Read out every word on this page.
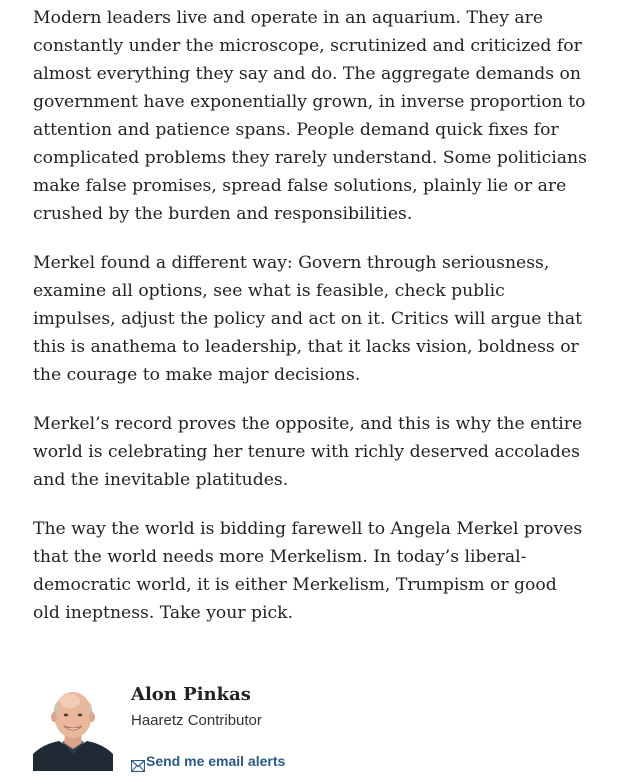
Modern leaders live and operate in an aquarium. They are constantly under the microscope, scrutinized and criticized for almost everything they say and do. The aggregate demands on government have exponentially grown, in inverse proportion to attention and patience spans. People demand quick fixes for complicated problems they rarely understand. Some politicians make false promises, spread false solutions, plainly lie or are crushed by the burden and responsibilities.

Merkel found a different way: Govern through seriousness, examine all options, see what is feasible, check public impulses, adjust the policy and act on it. Critics will argue that this is anathema to leadership, that it lacks vision, boldness or the courage to make major decisions.

Merkel’s record proves the opposite, and this is why the entire world is celebrating her tenure with richly deserved accolades and the inevitable platitudes.

The way the world is bidding farewell to Angela Merkel proves that the world needs more Merkelism. In today’s liberal-democratic world, it is either Merkelism, Trumpism or good old ineptness. Take your pick.

Alon Pinkas
Haaretz Contributor
Send me email alerts
